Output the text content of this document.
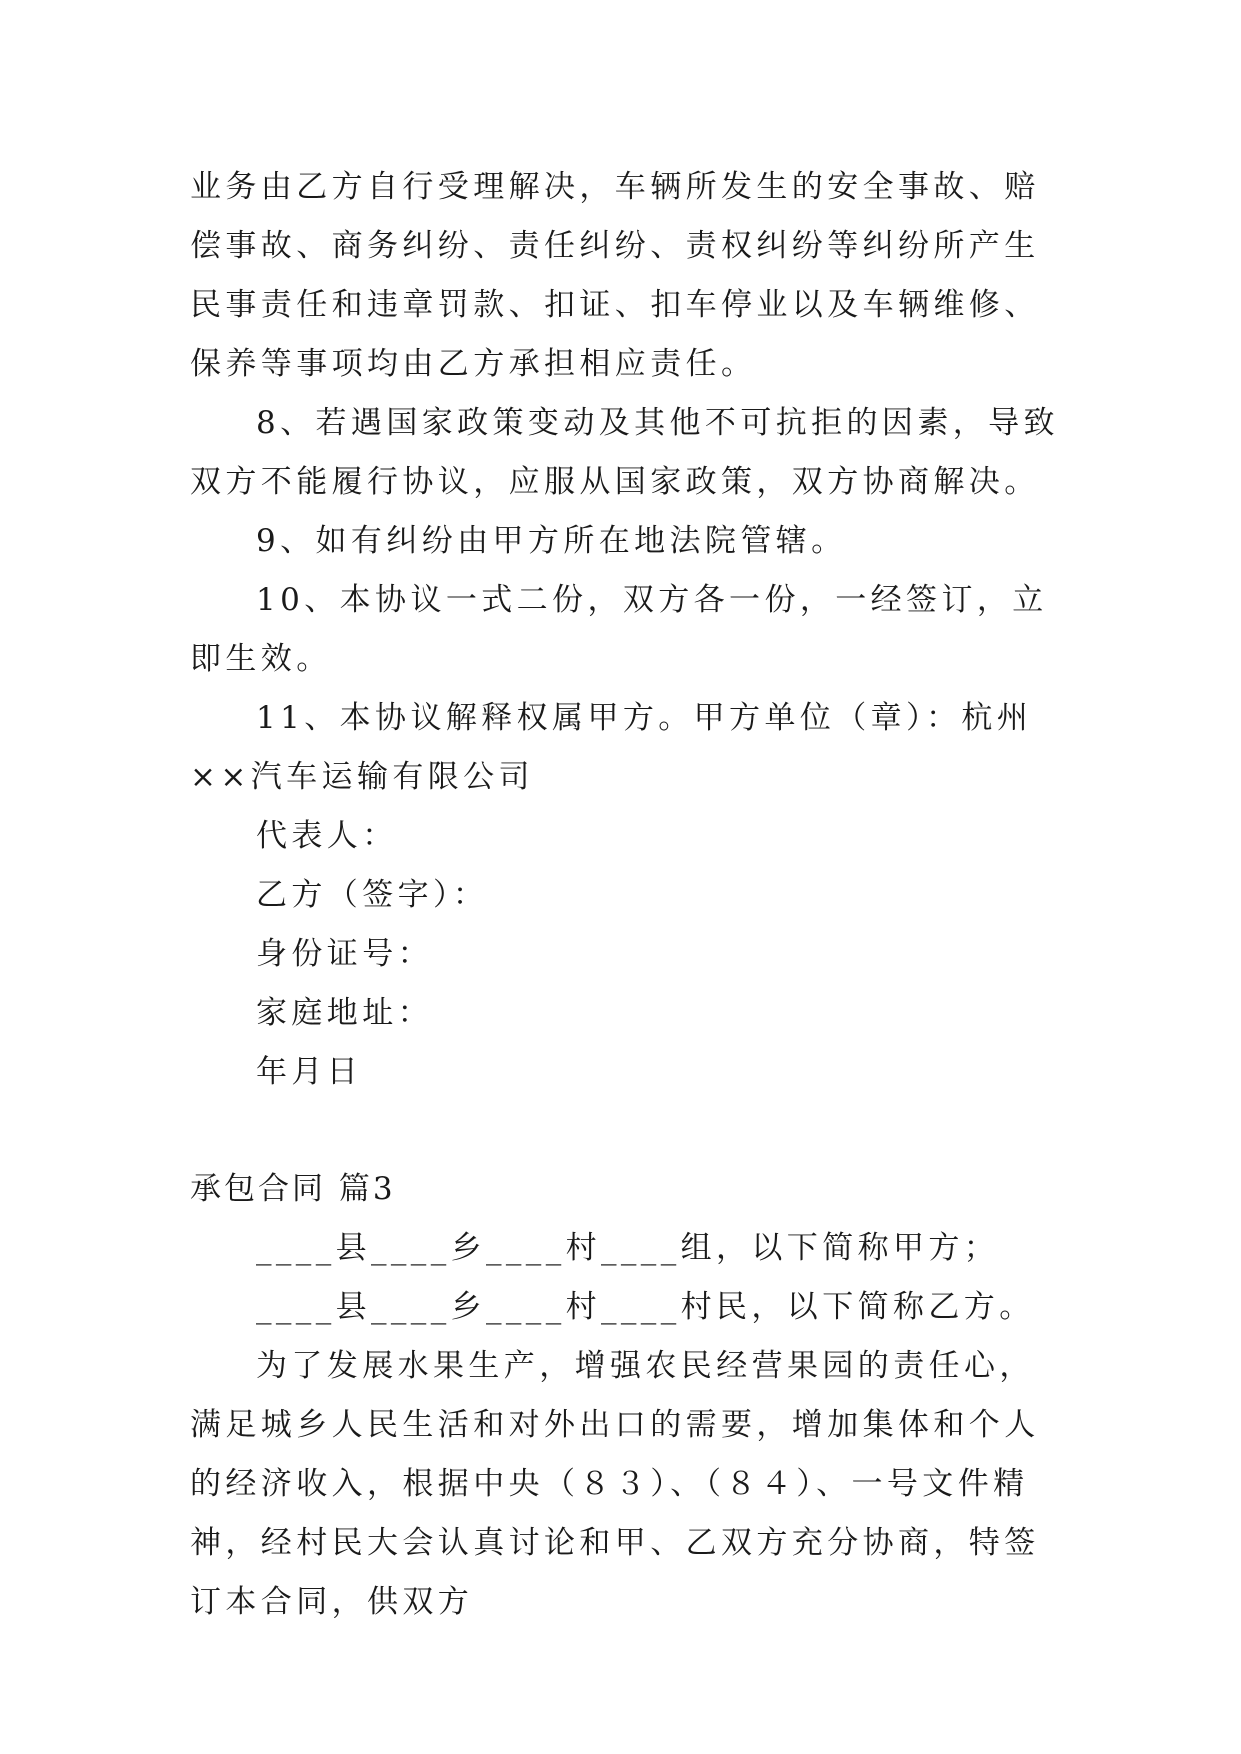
业务由乙方自行受理解决，车辆所发生的安全事故、赔偿事故、商务纠纷、责任纠纷、责权纠纷等纠纷所产生民事责任和违章罚款、扣证、扣车停业以及车辆维修、保养等事项均由乙方承担相应责任。

8、若遇国家政策变动及其他不可抗拒的因素，导致双方不能履行协议，应服从国家政策，双方协商解决。

9、如有纠纷由甲方所在地法院管辖。

10、本协议一式二份，双方各一份，一经签订，立即生效。

11、本协议解释权属甲方。甲方单位（章）：杭州××汽车运输有限公司

代表人：

乙方（签字）：

身份证号：

家庭地址：

年月日

承包合同 篇3

____县____乡____村____组，以下简称甲方；

____县____乡____村____村民，以下简称乙方。

为了发展水果生产，增强农民经营果园的责任心，满足城乡人民生活和对外出口的需要，增加集体和个人的经济收入，根据中央（８３）、（８４）、一号文件精神，经村民大会认真讨论和甲、乙双方充分协商，特签订本合同，供双方
